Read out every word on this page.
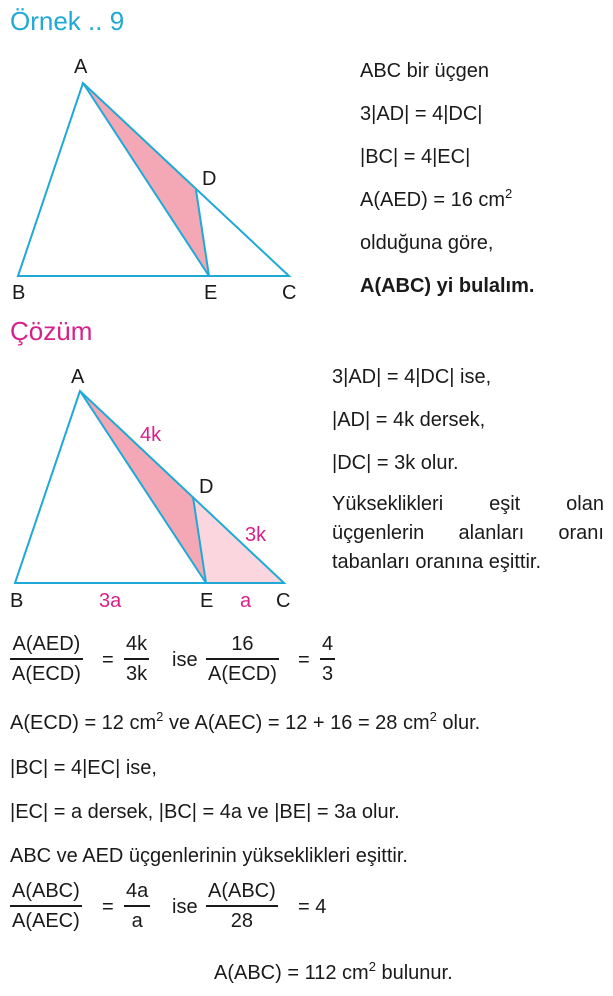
Örnek .. 9
A
B	C
D
E
ABC bir üçgen
3|AD| = 4|DC|
|BC| = 4|EC|
A(AED) = 16 $cm^2$
olduğuna göre,
A(ABC) yi bulalım.
Çözüm
A
B	C
D
E
4k
3k
3a	a
3|AD| = 4|DC| ise,
|AD| = 4k dersek,
|DC| = 3k olur.
Yükseklikleri eşit olan üçgenlerin alanları oranı tabanları oranına eşittir.
A(AED)
A(ECD)
=
4k
3k
ise
16
A(ECD)
=
4
3
A(ECD) = 12 $cm^2$ ve A(AEC) = 12 + 16 = 28 $cm^2$ olur.
|BC| = 4|EC| ise,
|EC| = a dersek, |BC| = 4a ve |BE| = 3a olur.
ABC ve AED üçgenlerinin yükseklikleri eşittir.
A(ABC)
A(AEC)
=
4a
a
ise
A(ABC)
28
= 4
A(ABC) = 112 $cm^2$ bulunur.
